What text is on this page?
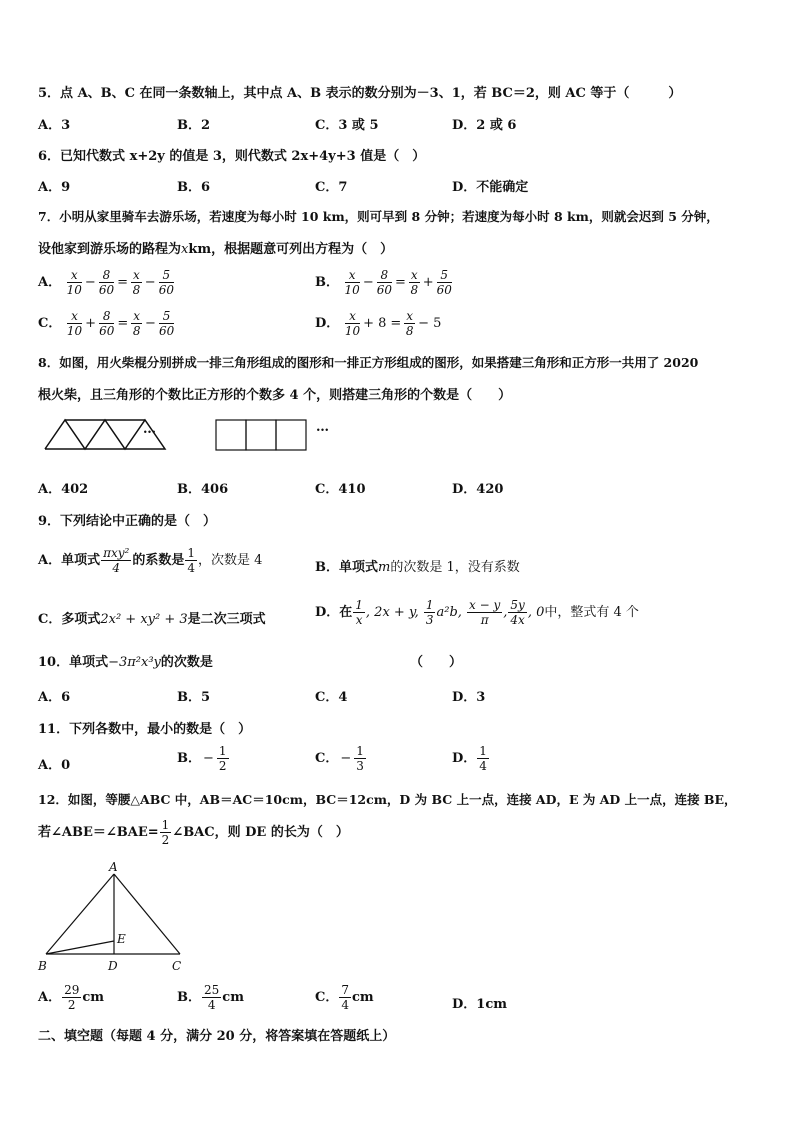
5．点 A、B、C 在同一条数轴上，其中点 A、B 表示的数分别为－3、1，若 BC＝2，则 AC 等于（　　　）
A．3	B．2	C．3 或 5	D．2 或 6
6．已知代数式 x+2y 的值是 3，则代数式 2x+4y+3 值是（　）
A．9	B．6	C．7	D．不能确定
7．小明从家里骑车去游乐场，若速度为每小时 10 km，则可早到 8 分钟；若速度为每小时 8 km，则就会迟到 5 分钟，
设他家到游乐场的路程为xkm，根据题意可列出方程为（　）
A． $\frac{x}{10} - \frac{8}{60} = \frac{x}{8} - \frac{5}{60}$	B． $\frac{x}{10} - \frac{8}{60} = \frac{x}{8} + \frac{5}{60}$
C． $\frac{x}{10} + \frac{8}{60} = \frac{x}{8} - \frac{5}{60}$	D． $\frac{x}{10} + 8 = \frac{x}{8} - 5$
8．如图，用火柴棍分别拼成一排三角形组成的图形和一排正方形组成的图形，如果搭建三角形和正方形一共用了 2020
根火柴，且三角形的个数比正方形的个数多 4 个，则搭建三角形的个数是（　　）
…	…
A．402	B．406	C．410	D．420
9．下列结论中正确的是（　）
A．单项式 $\frac{\text{πxy²}}{4}$ 的系数是 $\frac{1}{4}$ ，次数是 4	B．单项式m的次数是 1，没有系数
C．多项式2x² + xy² + 3是二次三项式	D．在 $\frac{1}{x}$ , 2x + y, $\frac{1}{3} a^2b$, $\frac{x - y}{\pi}$ , $\frac{5y}{4x}$ , 0中，整式有 4 个
10．单项式−3π²x³y的次数是	（　　）
A．6	B．5	C．4	D．3
11．下列各数中，最小的数是（　）
A．0	B． − $\frac{1}{2}$	C． − $\frac{1}{3}$	D． $\frac{1}{4}$
12．如图，等腰△ABC 中，AB＝AC＝10cm，BC＝12cm，D 为 BC 上一点，连接 AD，E 为 AD 上一点，连接 BE，
若∠ABE＝∠BAE= $\frac{1}{2}$ ∠BAC，则 DE 的长为（　）
A
B	D	C
E
A． $\frac{29}{2}$ cm	B． $\frac{25}{4}$ cm	C． $\frac{7}{4}$ cm	D．1cm
二、填空题（每题 4 分，满分 20 分，将答案填在答题纸上）
